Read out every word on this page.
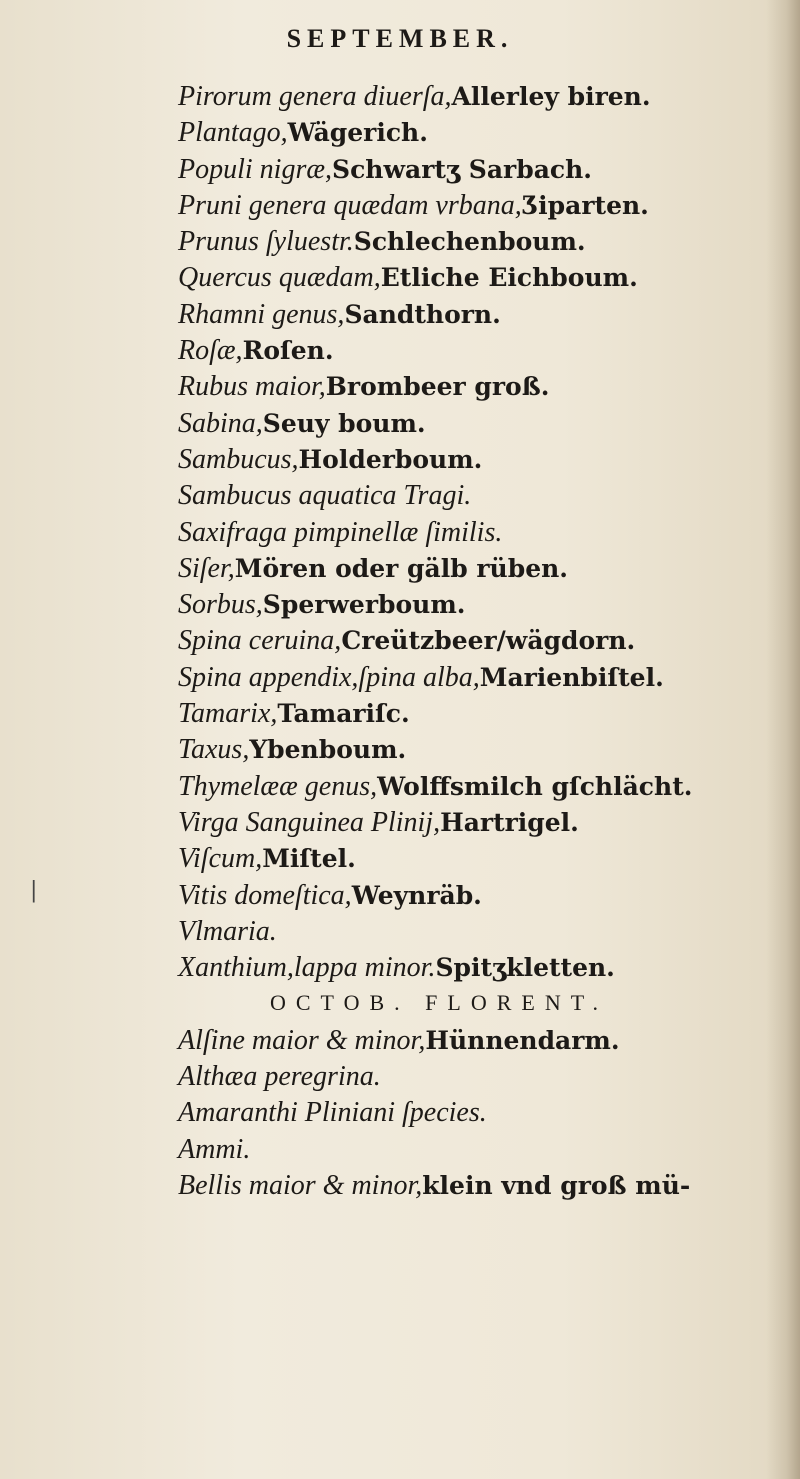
SEPTEMBER.
Pirorum genera diuerſa,Allerley biren.
Plantago,Wägerich.
Populi nigræ,Schwartʒ Sarbach.
Pruni genera quædam vrbana,Ʒiparten.
Prunus ſyluestr.Schlechenboum.
Quercus quædam,Etliche Eichboum.
Rhamni genus,Sandthorn.
Roſæ,Roſen.
Rubus maior,Brombeer groß.
Sabina,Seuy boum.
Sambucus,Holderboum.
Sambucus aquatica Tragi.
Saxifraga pimpinellæ ſimilis.
Siſer,Mören oder gälb rüben.
Sorbus,Sperwerboum.
Spina ceruina,Creützbeer/wägdorn.
Spina appendix,ſpina alba,Marienbiſtel.
Tamarix,Tamariſc.
Taxus,Ybenboum.
Thymelææ genus,Wolffsmilch gſchlächt.
Virga Sanguinea Plinij,Hartrigel.
Viſcum,Miſtel.
Vitis domeſtica,Weynräb.
Vlmaria.
Xanthium,lappa minor.Spitʒkletten.
OCTOB. FLORENT.
Alſine maior & minor,Hünnendarm.
Althæa peregrina.
Amaranthi Pliniani ſpecies.
Ammi.
Bellis maior & minor,klein vnd groß mü-
|
